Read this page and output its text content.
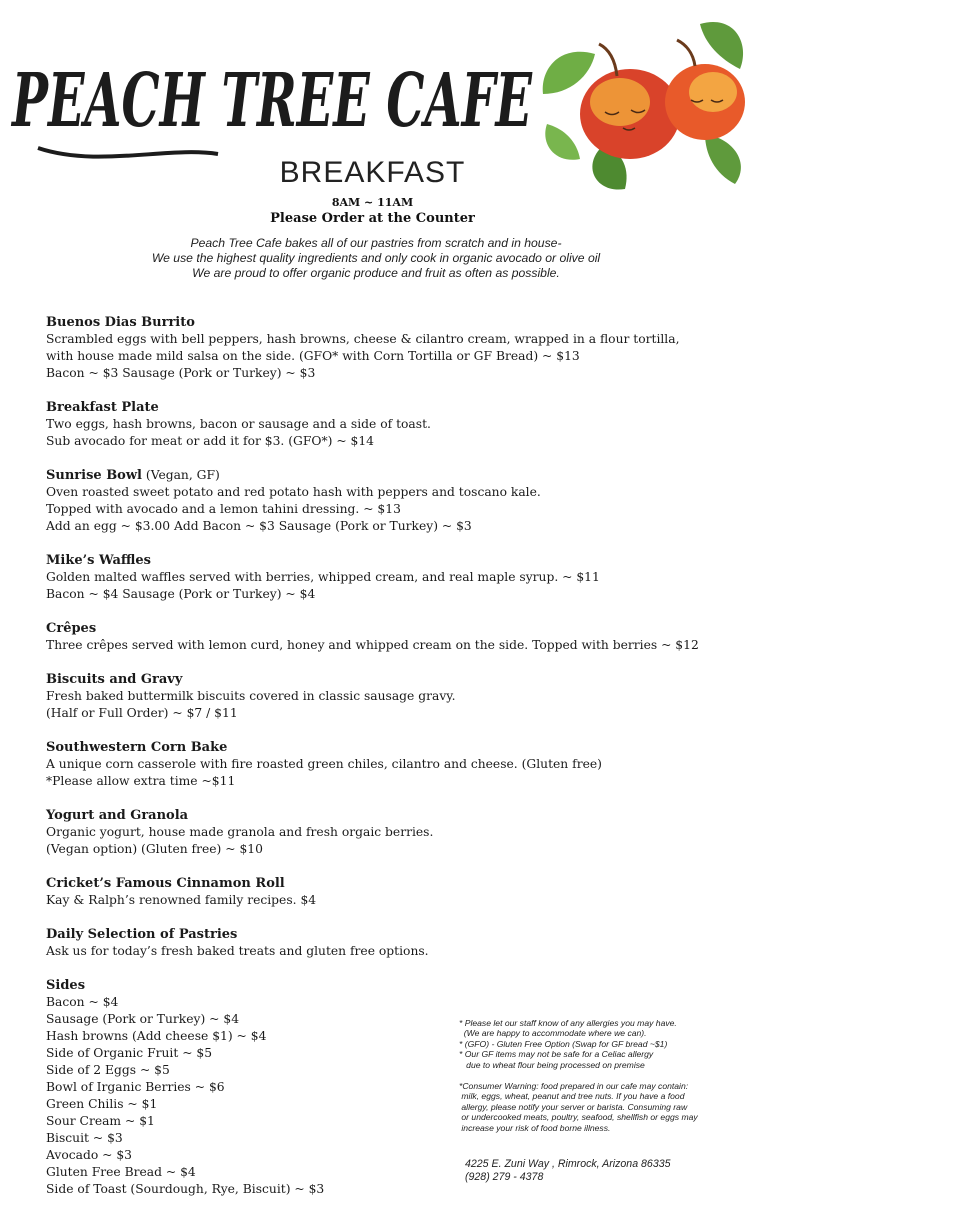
PEACH TREE CAFE
BREAKFAST
8AM ~ 11AM
Please Order at the Counter
Peach Tree Cafe bakes all of our pastries from scratch and in house-
We use the highest quality ingredients and only cook in organic avocado or olive oil
We are proud to offer organic produce and fruit as often as possible.
Buenos Dias Burrito
Scrambled eggs with bell peppers, hash browns, cheese & cilantro cream, wrapped in a flour tortilla,
with house made mild salsa on the side. (GFO* with Corn Tortilla or GF Bread) ~ $13
Bacon ~ $3 Sausage (Pork or Turkey) ~ $3
Breakfast Plate
Two eggs, hash browns, bacon or sausage and a side of toast.
Sub avocado for meat or add it for $3. (GFO*) ~ $14
Sunrise Bowl (Vegan, GF)
Oven roasted sweet potato and red potato hash with peppers and toscano kale.
Topped with avocado and a lemon tahini dressing. ~ $13
Add an egg ~ $3.00 Add Bacon ~ $3 Sausage (Pork or Turkey) ~ $3
Mike’s Waffles
Golden malted waffles served with berries, whipped cream, and real maple syrup. ~ $11
Bacon ~ $4 Sausage (Pork or Turkey) ~ $4
Crêpes
Three crêpes served with lemon curd, honey and whipped cream on the side. Topped with berries ~ $12
Biscuits and Gravy
Fresh baked buttermilk biscuits covered in classic sausage gravy.
(Half or Full Order) ~ $7 / $11
Southwestern Corn Bake
A unique corn casserole with fire roasted green chiles, cilantro and cheese. (Gluten free)
*Please allow extra time ~$11
Yogurt and Granola
Organic yogurt, house made granola and fresh orgaic berries.
(Vegan option) (Gluten free) ~ $10
Cricket’s Famous Cinnamon Roll
Kay & Ralph’s renowned family recipes. $4
Daily Selection of Pastries
Ask us for today’s fresh baked treats and gluten free options.
Sides
Bacon ~ $4
Sausage (Pork or Turkey) ~ $4
Hash browns (Add cheese $1) ~ $4
Side of Organic Fruit ~ $5
Side of 2 Eggs ~ $5
Bowl of Irganic Berries ~ $6
Green Chilis ~ $1
Sour Cream ~ $1
Biscuit ~ $3
Avocado ~ $3
Gluten Free Bread ~ $4
Side of Toast (Sourdough, Rye, Biscuit) ~ $3
* Please let our staff know of any allergies you may have.
(We are happy to accommodate where we can).
* (GFO) - Gluten Free Option (Swap for GF bread ~$1)
* Our GF items may not be safe for a Celiac allergy
due to wheat flour being processed on premise
*Consumer Warning: food prepared in our cafe may contain:
milk, eggs, wheat, peanut and tree nuts. If you have a food
allergy, please notify your server or barista. Consuming raw
or undercooked meats, poultry, seafood, shellfish or eggs may
increase your risk of food borne illness.
4225 E. Zuni Way , Rimrock, Arizona 86335
(928) 279 - 4378
